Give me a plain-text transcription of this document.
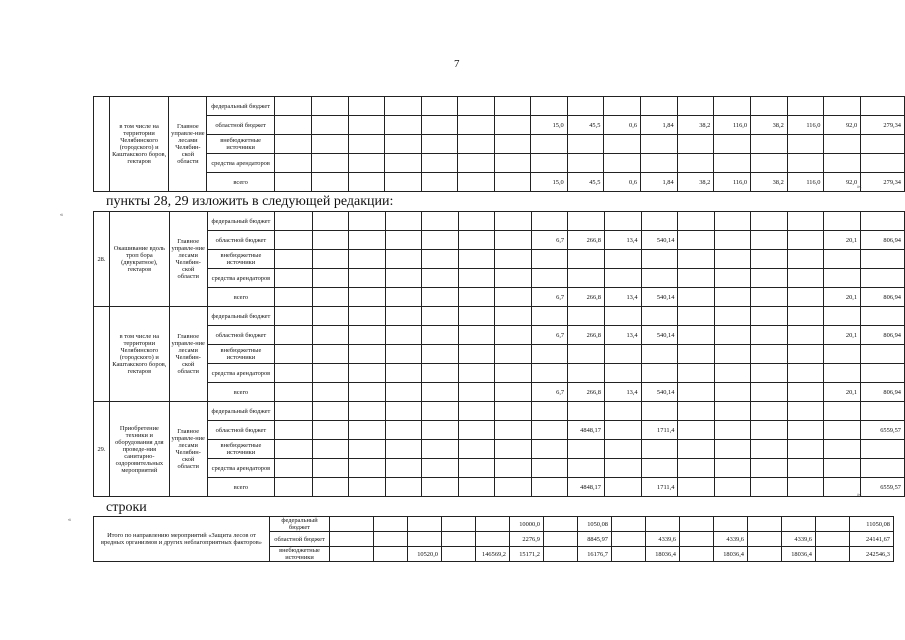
7
	в том числе на территории Челябинского (городского) и Каштакского боров, гектаров	Главное управле-ние лесами Челябин-ской области	федеральный бюджет																	
			областной бюджет								15,0	45,5	0,6	1,84	38,2	116,0	38,2	116,0	92,0	279,34
			внебюджетные источники																	
			средства арендаторов																	
			всего								15,0	45,5	0,6	1,84	38,2	116,0	38,2	116,0	92,0	279,34
»;
пункты 28, 29 изложить в следующей редакции:
«
28.	Окашивание вдоль троп бора (двукратное), гектаров	Главное управле-ние лесами Челябин-ской области	федеральный бюджет																	
			областной бюджет								6,7	266,8	13,4	540,14					20,1	806,94
			внебюджетные источники																	
			средства арендаторов																	
			всего								6,7	266,8	13,4	540,14					20,1	806,94
	в том числе на территории Челябинского (городского) и Каштакского боров, гектаров	Главное управле-ние лесами Челябин-ской области	федеральный бюджет																	
			областной бюджет								6,7	266,8	13,4	540,14					20,1	806,94
			внебюджетные источники																	
			средства арендаторов																	
			всего								6,7	266,8	13,4	540,14					20,1	806,94
29.	Приобретение техники и оборудования для проведе-ния санитарно-оздоровительных мероприятий	Главное управле-ние лесами Челябин-ской области	федеральный бюджет																	
			областной бюджет									4848,17		1711,4						6559,57
			внебюджетные источники																	
			средства арендаторов																	
			всего									4848,17		1711,4						6559,57
»;
строки
«
Итого по направлению мероприятий «Защита лесов от вредных организмов и других неблагоприятных факторов»	федеральный бюджет						10000,0		1050,08								11050,08
	областной бюджет						2276,9		8845,97		4339,6		4339,6		4339,6		24141,67
	внебюджетные источники			10520,0		146569,2	15171,2		16176,7		18036,4		18036,4		18036,4		242546,3
